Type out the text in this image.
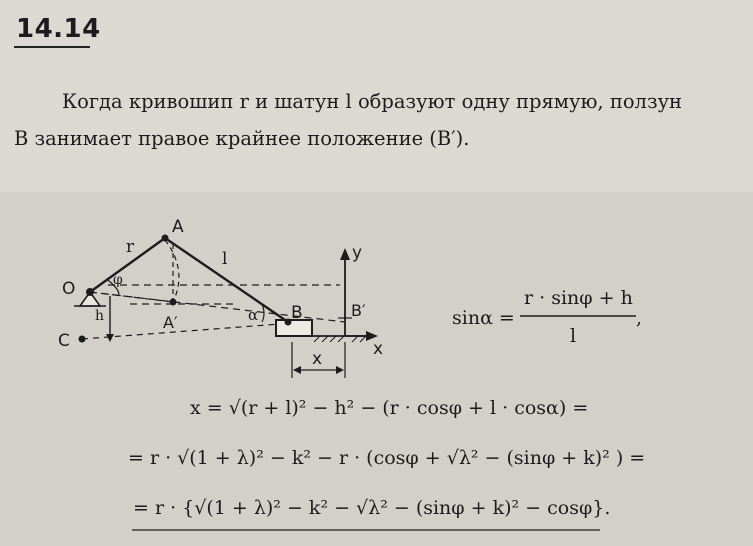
14.14
Когда кривошип r и шатун l образуют одну прямую, ползун
B занимает правое крайнее положение (B′).
O
A
A′	B	B′
C
r
l
φ
α
h
y
x
x
sinα =
r · sinφ + h
l
,
x = √(r + l)² − h² − (r · cosφ + l · cosα) =
= r · √(1 + λ)² − k² − r · (cosφ + √λ² − (sinφ + k)² ) =
= r · {√(1 + λ)² − k² − √λ² − (sinφ + k)² − cosφ}.
